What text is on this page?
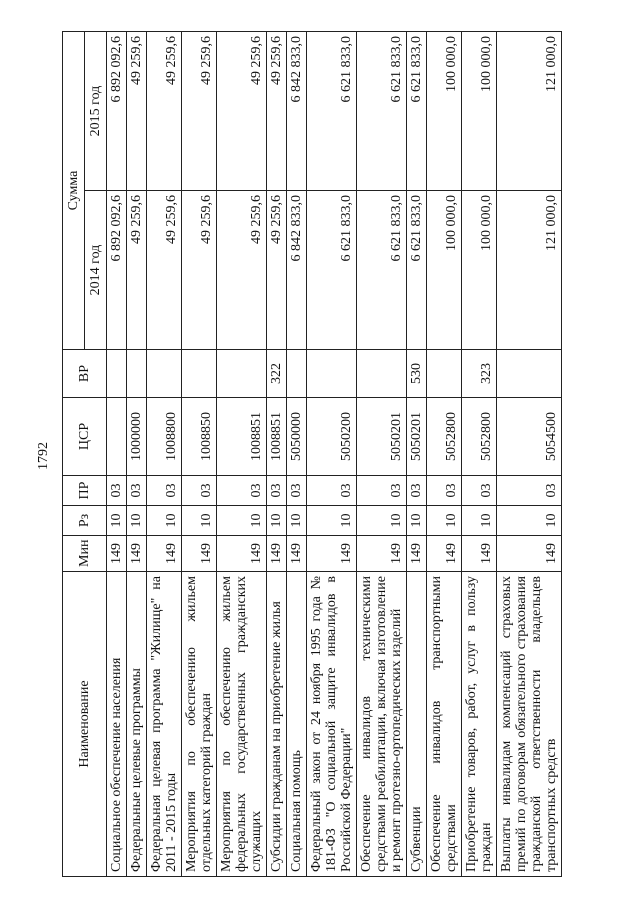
1792
Наименование	Мин	Рз	ПР	ЦСР	ВР	Сумма	
						2014 год	2015 год
Социальное обеспечение населения	149	10	03			6 892 092,6	6 892 092,6
Федеральные целевые программы	149	10	03	1000000		49 259,6	49 259,6
Федеральная целевая программа "Жилище" на 2011 - 2015 годы	149	10	03	1008800		49 259,6	49 259,6
Мероприятия по обеспечению жильем отдельных категорий граждан	149	10	03	1008850		49 259,6	49 259,6
Мероприятия по обеспечению жильем федеральных государственных гражданских служащих	149	10	03	1008851		49 259,6	49 259,6
Субсидии гражданам на приобретение жилья	149	10	03	1008851	322	49 259,6	49 259,6
Социальная помощь	149	10	03	5050000		6 842 833,0	6 842 833,0
Федеральный закон от 24 ноября 1995 года № 181-ФЗ "О социальной защите инвалидов в Российской Федерации"	149	10	03	5050200		6 621 833,0	6 621 833,0
Обеспечение инвалидов техническими средствами реабилитации, включая изготовление и ремонт протезно-ортопедических изделий	149	10	03	5050201		6 621 833,0	6 621 833,0
Субвенции	149	10	03	5050201	530	6 621 833,0	6 621 833,0
Обеспечение инвалидов транспортными средствами	149	10	03	5052800		100 000,0	100 000,0
Приобретение товаров, работ, услуг в пользу граждан	149	10	03	5052800	323	100 000,0	100 000,0
Выплаты инвалидам компенсаций страховых премий по договорам обязательного страхования гражданской ответственности владельцев транспортных средств	149	10	03	5054500		121 000,0	121 000,0
